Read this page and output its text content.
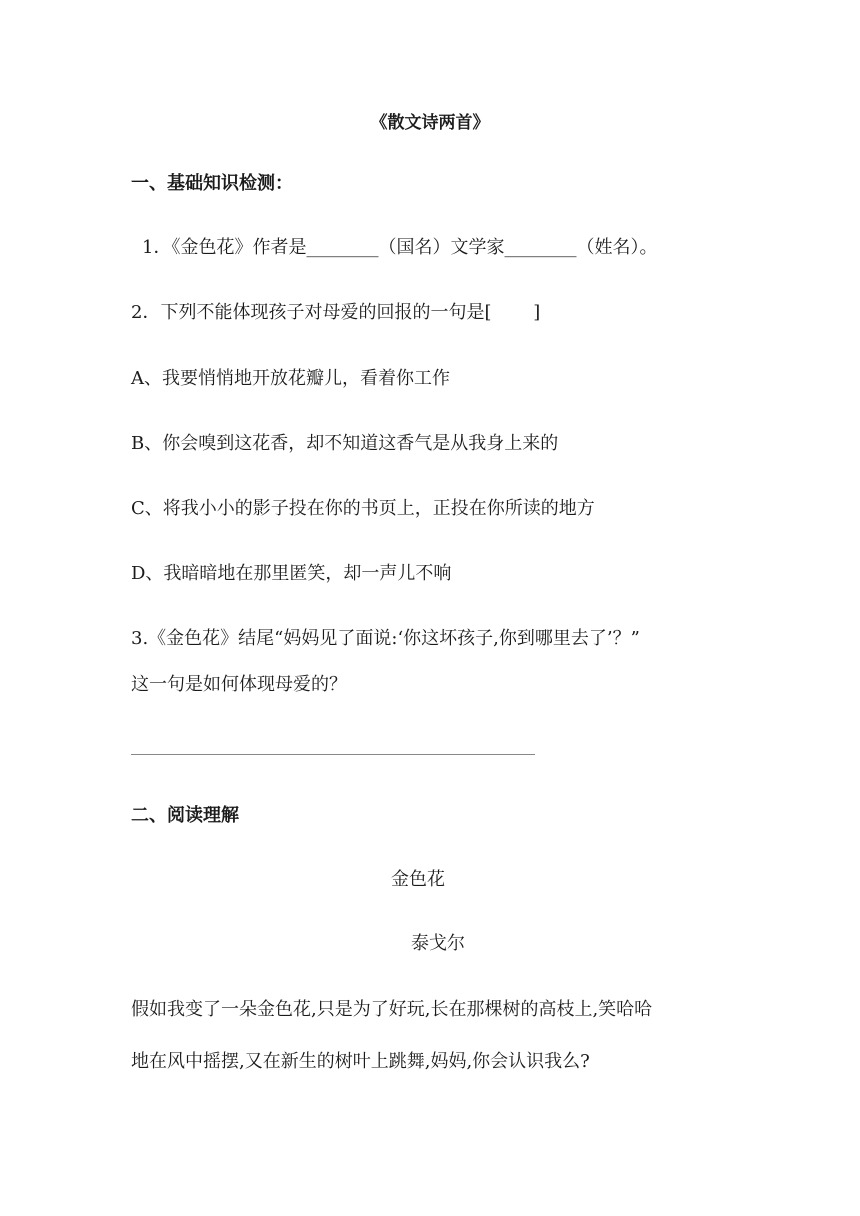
《散文诗两首》
一、基础知识检测：
1．《金色花》作者是________（国名）文学家________（姓名）。
2．下列不能体现孩子对母爱的回报的一句是[　　 ]
A、我要悄悄地开放花瓣儿，看着你工作
B、你会嗅到这花香，却不知道这香气是从我身上来的
C、将我小小的影子投在你的书页上，正投在你所读的地方
D、我暗暗地在那里匿笑，却一声儿不响
3.《金色花》结尾“妈妈见了面说:‘你这坏孩子,你到哪里去了’？”
这一句是如何体现母爱的？
二、阅读理解
金色花
泰戈尔
假如我变了一朵金色花,只是为了好玩,长在那棵树的高枝上,笑哈哈
地在风中摇摆,又在新生的树叶上跳舞,妈妈,你会认识我么?
